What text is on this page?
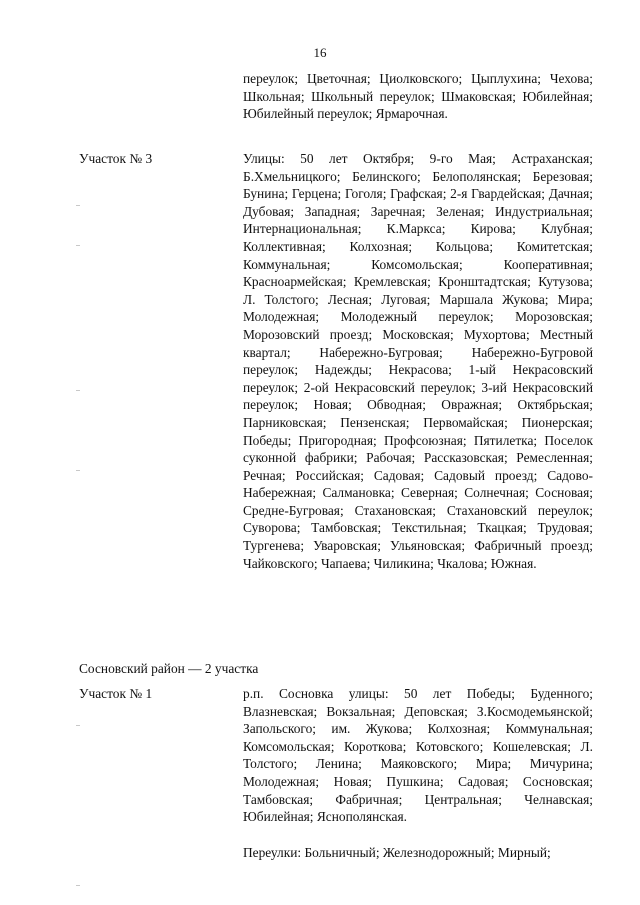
16
переулок; Цветочная; Циолковского; Цыплухина; Чехова; Школьная; Школьный переулок; Шмаковская; Юбилейная; Юбилейный переулок; Ярмарочная.
Участок № 3	Улицы: 50 лет Октября; 9-го Мая; Астраханская; Б.Хмельницкого; Белинского; Белополянская; Березовая; Бунина; Герцена; Гоголя; Графская; 2-я Гвардейская; Дачная; Дубовая; Западная; Заречная; Зеленая; Индустриальная; Интернациональная; К.Маркса; Кирова; Клубная; Коллективная; Колхозная; Кольцова; Комитетская; Коммунальная; Комсомольская; Кооперативная; Красноармейская; Кремлевская; Кронштадтская; Кутузова; Л. Толстого; Лесная; Луговая; Маршала Жукова; Мира; Молодежная; Молодежный переулок; Морозовская; Морозовский проезд; Московская; Мухортова; Местный квартал; Набережно-Бугровая; Набережно-Бугровой переулок; Надежды; Некрасова; 1-ый Некрасовский переулок; 2-ой Некрасовский переулок; 3-ий Некрасовский переулок; Новая; Обводная; Овражная; Октябрьская; Парниковская; Пензенская; Первомайская; Пионерская; Победы; Пригородная; Профсоюзная; Пятилетка; Поселок суконной фабрики; Рабочая; Рассказовская; Ремесленная; Речная; Российская; Садовая; Садовый проезд; Садово-Набережная; Салмановка; Северная; Солнечная; Сосновая; Средне-Бугровая; Стахановская; Стахановский переулок; Суворова; Тамбовская; Текстильная; Ткацкая; Трудовая; Тургенева; Уваровская; Ульяновская; Фабричный проезд; Чайковского; Чапаева; Чиликина; Чкалова; Южная.
Сосновский район — 2 участка
Участок № 1	р.п. Сосновка улицы: 50 лет Победы; Буденного; Влазневская; Вокзальная; Деповская; З.Космодемьянской; Запольского; им. Жукова; Колхозная; Коммунальная; Комсомольская; Короткова; Котовского; Кошелевская; Л. Толстого; Ленина; Маяковского; Мира; Мичурина; Молодежная; Новая; Пушкина; Садовая; Сосновская; Тамбовская; Фабричная; Центральная; Челнавская; Юбилейная; Яснополянская.
Переулки: Больничный; Железнодорожный; Мирный;
